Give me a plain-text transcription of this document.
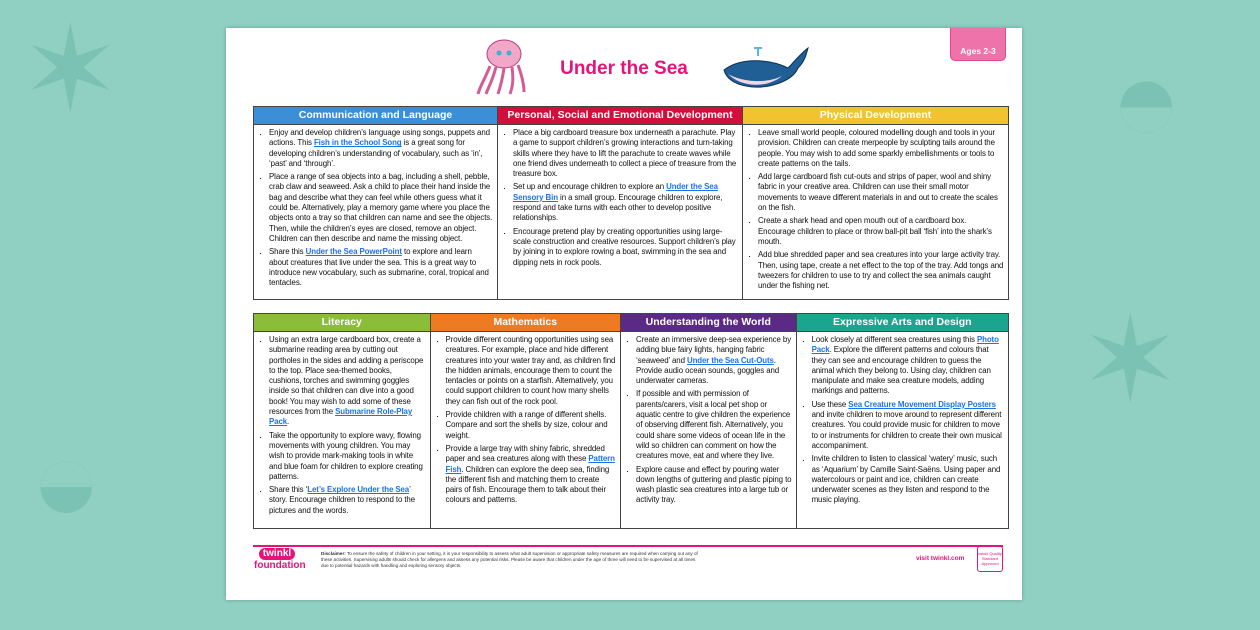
✶
◒
✶
◓
Ages 2-3
Under the Sea
Communication and Language
▪ Enjoy and develop children’s language using songs, puppets and actions. This Fish in the School Song is a great song for developing children’s understanding of vocabulary, such as ‘in’, ‘past’ and ‘through’.
▪ Place a range of sea objects into a bag, including a shell, pebble, crab claw and seaweed. Ask a child to place their hand inside the bag and describe what they can feel while others guess what it could be. Alternatively, play a memory game where you place the objects onto a tray so that children can name and see the objects. Then, while the children’s eyes are closed, remove an object. Children can then describe and name the missing object.
▪ Share this Under the Sea PowerPoint to explore and learn about creatures that live under the sea. This is a great way to introduce new vocabulary, such as submarine, coral, tropical and tentacles.
Personal, Social and Emotional Development
▪ Place a big cardboard treasure box underneath a parachute. Play a game to support children’s growing interactions and turn-taking skills where they have to lift the parachute to create waves while one friend dives underneath to collect a piece of treasure from the treasure box.
▪ Set up and encourage children to explore an Under the Sea Sensory Bin in a small group. Encourage children to explore, respond and take turns with each other to develop positive relationships.
▪ Encourage pretend play by creating opportunities using large-scale construction and creative resources. Support children’s play by joining in to explore rowing a boat, swimming in the sea and dipping nets in rock pools.
Physical Development
▪ Leave small world people, coloured modelling dough and tools in your provision. Children can create merpeople by sculpting tails around the people. You may wish to add some sparkly embellishments or tools to create patterns on the tails.
▪ Add large cardboard fish cut-outs and strips of paper, wool and shiny fabric in your creative area. Children can use their small motor movements to weave different materials in and out to create the scales on the fish.
▪ Create a shark head and open mouth out of a cardboard box. Encourage children to place or throw ball-pit ball ‘fish’ into the shark’s mouth.
▪ Add blue shredded paper and sea creatures into your large activity tray. Then, using tape, create a net effect to the top of the tray. Add tongs and tweezers for children to use to try and collect the sea animals caught under the fishing net.
Literacy
▪ Using an extra large cardboard box, create a submarine reading area by cutting out portholes in the sides and adding a periscope to the top. Place sea-themed books, cushions, torches and swimming goggles inside so that children can dive into a good book! You may wish to add some of these resources from the Submarine Role-Play Pack.
▪ Take the opportunity to explore wavy, flowing movements with young children. You may wish to provide mark-making tools in white and blue foam for children to explore creating patterns.
▪ Share this ‘Let’s Explore Under the Sea’ story. Encourage children to respond to the pictures and the words.
Mathematics
▪ Provide different counting opportunities using sea creatures. For example, place and hide different creatures into your water tray and, as children find the hidden animals, encourage them to count the tentacles or points on a starfish. Alternatively, you could support children to count how many shells they can fish out of the rock pool.
▪ Provide children with a range of different shells. Compare and sort the shells by size, colour and weight.
▪ Provide a large tray with shiny fabric, shredded paper and sea creatures along with these Pattern Fish. Children can explore the deep sea, finding the different fish and matching them to create pairs of fish. Encourage them to talk about their colours and patterns.
Understanding the World
▪ Create an immersive deep-sea experience by adding blue fairy lights, hanging fabric ‘seaweed’ and Under the Sea Cut-Outs. Provide audio ocean sounds, goggles and underwater cameras.
▪ If possible and with permission of parents/carers, visit a local pet shop or aquatic centre to give children the experience of observing different fish. Alternatively, you could share some videos of ocean life in the wild so children can comment on how the creatures move, eat and where they live.
▪ Explore cause and effect by pouring water down lengths of guttering and plastic piping to wash plastic sea creatures into a large tub or activity tray.
Expressive Arts and Design
▪ Look closely at different sea creatures using this Photo Pack. Explore the different patterns and colours that they can see and encourage children to guess the animal which they belong to. Using clay, children can manipulate and make sea creature models, adding markings and patterns.
▪ Use these Sea Creature Movement Display Posters and invite children to move around to represent different creatures. You could provide music for children to move to or instruments for children to create their own musical accompaniment.
▪ Invite children to listen to classical ‘watery’ music, such as ‘Aquarium’ by Camille Saint-Saëns. Using paper and watercolours or paint and ice, children can create underwater scenes as they listen and respond to the music playing.
twinkl
foundation
Disclaimer: To ensure the safety of children in your setting, it is your responsibility to assess what adult supervision or appropriate safety measures are required when carrying out any of these activities. Supervising adults should check for allergens and assess any potential risks. Please be aware that children under the age of three will need to be supervised at all times due to potential hazards with handling and exploring sensory objects.
visit twinkl.com
twinkl Quality Standard Approved
